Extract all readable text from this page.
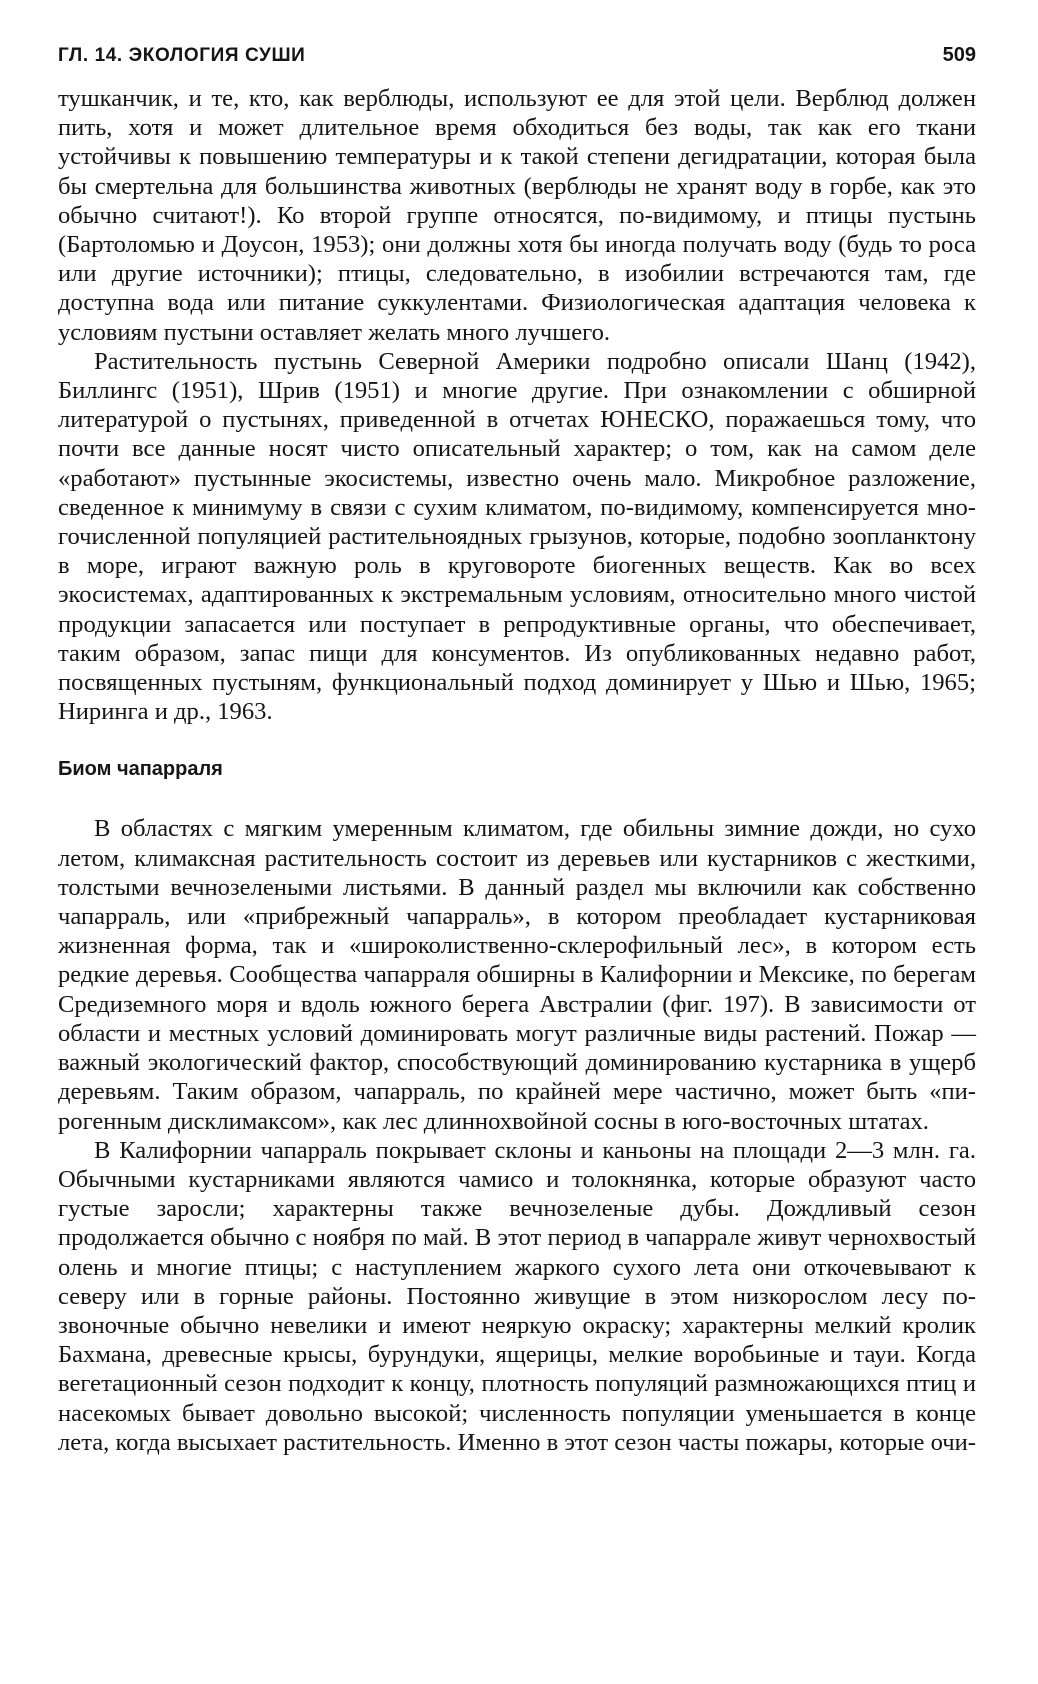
ГЛ. 14. ЭКОЛОГИЯ СУШИ	509

тушканчик, и те, кто, как верблюды, используют ее для этой цели. Верблюд должен пить, хотя и может длительное время обходиться без воды, так как его ткани устойчивы к повышению температуры и к такой степени дегидратации, которая была бы смертельна для большинства животных (верблюды не хранят воду в горбе, как это обычно считают!). Ко второй группе относятся, по-видимому, и птицы пустынь (Бартоломью и Доусон, 1953); они должны хотя бы иногда получать воду (будь то роса или другие источники); птицы, следовательно, в изобилии встречаются там, где доступна вода или питание суккулентами. Физиологическая адаптация человека к условиям пустыни оставляет желать много лучшего.

Растительность пустынь Северной Америки подробно описали Шанц (1942), Биллингс (1951), Шрив (1951) и многие другие. При ознакомлении с обширной литературой о пустынях, приведенной в отчетах ЮНЕСКО, поражаешься тому, что почти все данные носят чисто описательный характер; о том, как на самом деле «работают» пустынные экосистемы, известно очень мало. Микробное разложение, сведенное к минимуму в связи с сухим климатом, по-видимому, компенсируется многочисленной популяцией растительноядных грызунов, которые, подобно зоопланктону в море, играют важную роль в круговороте биогенных веществ. Как во всех экосистемах, адаптированных к экстремальным условиям, относительно много чистой продукции запасается или поступает в репродуктивные органы, что обеспечивает, таким образом, запас пищи для консументов. Из опубликованных недавно работ, посвященных пустыням, функциональный подход доминирует у Шью и Шью, 1965; Ниринга и др., 1963.

Биом чапарраля

В областях с мягким умеренным климатом, где обильны зимние дожди, но сухо летом, климаксная растительность состоит из деревьев или кустарников с жесткими, толстыми вечнозелеными листьями. В данный раздел мы включили как собственно чапарраль, или «прибрежный чапарраль», в котором преобладает кустарниковая жизненная форма, так и «широколиственно-склерофильный лес», в котором есть редкие деревья. Сообщества чапарраля обширны в Калифорнии и Мексике, по берегам Средиземного моря и вдоль южного берега Австралии (фиг. 197). В зависимости от области и местных условий доминировать могут различные виды растений. Пожар — важный экологический фактор, способствующий доминированию кустарника в ущерб деревьям. Таким образом, чапарраль, по крайней мере частично, может быть «пирогенным дисклимаксом», как лес длиннохвойной сосны в юго-восточных штатах.

В Калифорнии чапарраль покрывает склоны и каньоны на площади 2—3 млн. га. Обычными кустарниками являются чамисо и толокнянка, которые образуют часто густые заросли; характерны также вечнозеленые дубы. Дождливый сезон продолжается обычно с ноября по май. В этот период в чапаррале живут чернохвостый олень и многие птицы; с наступлением жаркого сухого лета они откочевывают к северу или в горные районы. Постоянно живущие в этом низкорослом лесу позвоночные обычно невелики и имеют неяркую окраску; характерны мелкий кролик Бахмана, древесные крысы, бурундуки, ящерицы, мелкие воробьиные и тауи. Когда вегетационный сезон подходит к концу, плотность популяций размножающихся птиц и насекомых бывает довольно высокой; численность популяции уменьшается в конце лета, когда высыхает растительность. Именно в этот сезон часты пожары, которые очи-
